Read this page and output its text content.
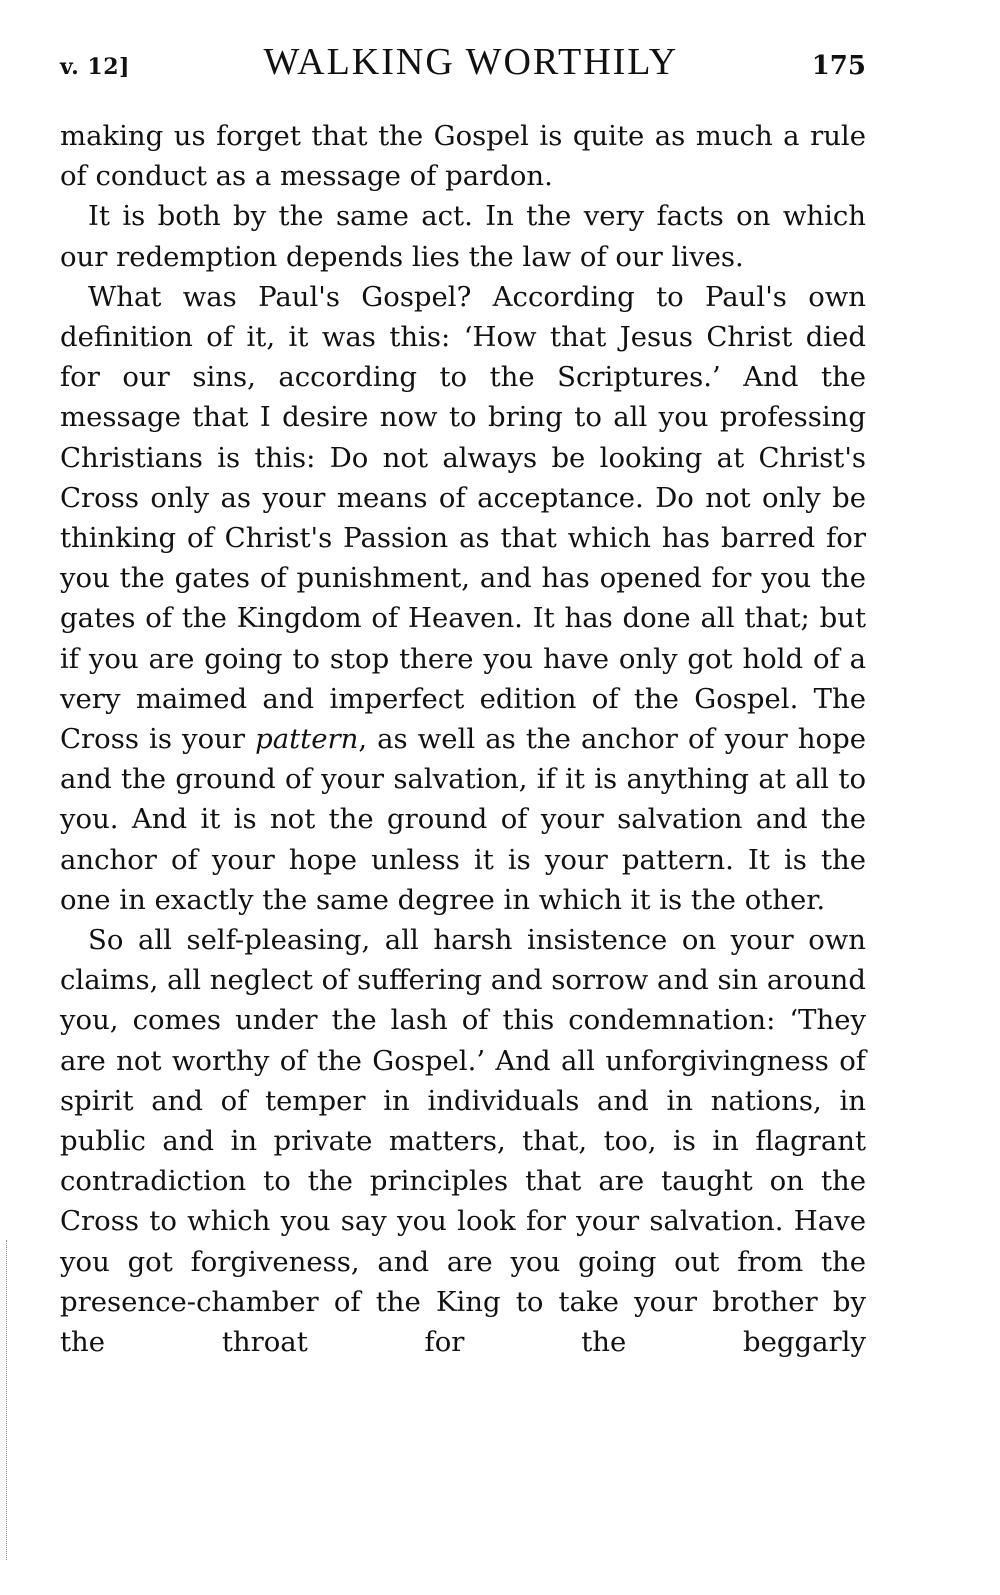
v. 12]	WALKING WORTHILY	175

making us forget that the Gospel is quite as much a rule of conduct as a message of pardon.

It is both by the same act. In the very facts on which our redemption depends lies the law of our lives.

What was Paul's Gospel? According to Paul's own definition of it, it was this: ‘How that Jesus Christ died for our sins, according to the Scriptures.’ And the message that I desire now to bring to all you professing Christians is this: Do not always be looking at Christ's Cross only as your means of acceptance. Do not only be thinking of Christ's Passion as that which has barred for you the gates of punishment, and has opened for you the gates of the Kingdom of Heaven. It has done all that; but if you are going to stop there you have only got hold of a very maimed and imperfect edition of the Gospel. The Cross is your pattern, as well as the anchor of your hope and the ground of your salvation, if it is anything at all to you. And it is not the ground of your salvation and the anchor of your hope unless it is your pattern. It is the one in exactly the same degree in which it is the other.

So all self-pleasing, all harsh insistence on your own claims, all neglect of suffering and sorrow and sin around you, comes under the lash of this condemnation: ‘They are not worthy of the Gospel.’ And all unforgivingness of spirit and of temper in individuals and in nations, in public and in private matters, that, too, is in flagrant contradiction to the principles that are taught on the Cross to which you say you look for your salvation. Have you got forgiveness, and are you going out from the presence-chamber of the King to take your brother by the throat for the beggarly
